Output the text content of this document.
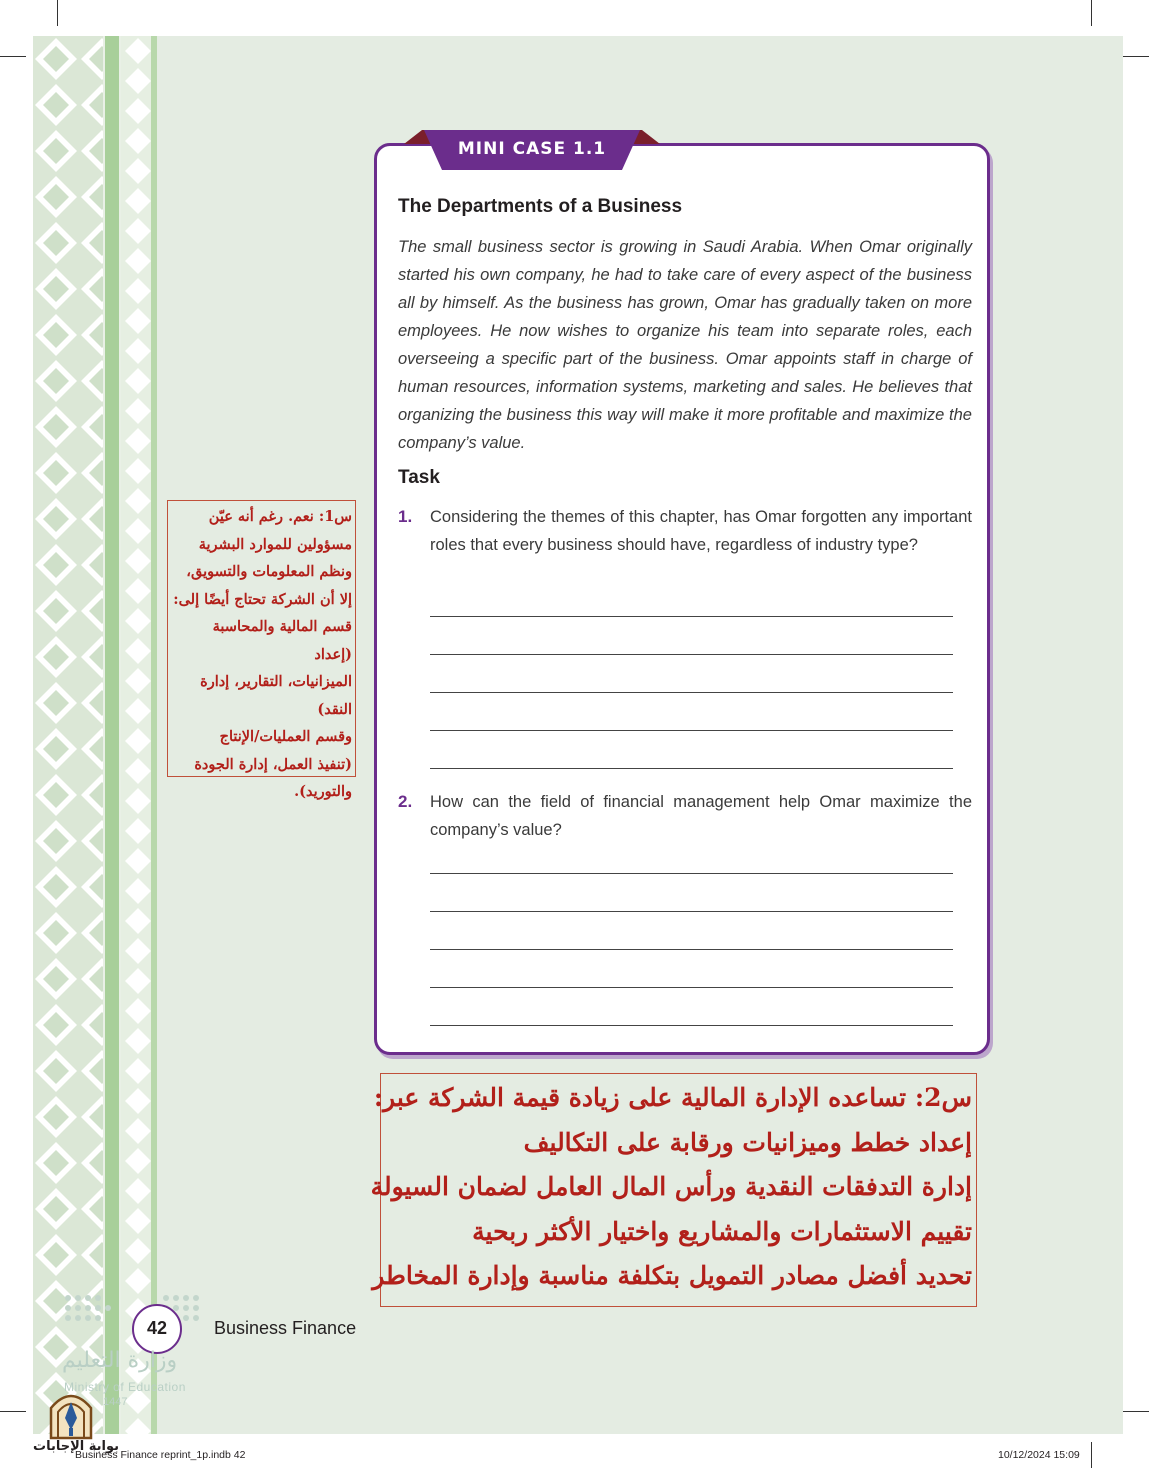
MINI CASE 1.1
The Departments of a Business
The small business sector is growing in Saudi Arabia. When Omar originally started his own company, he had to take care of every aspect of the business all by himself. As the business has grown, Omar has gradually taken on more employees. He now wishes to organize his team into separate roles, each overseeing a specific part of the business. Omar appoints staff in charge of human resources, information systems, marketing and sales. He believes that organizing the business this way will make it more profitable and maximize the company’s value.
Task
1. Considering the themes of this chapter, has Omar forgotten any important roles that every business should have, regardless of industry type?
2. How can the field of financial management help Omar maximize the company’s value?
س1: نعم. رغم أنه عيّن
مسؤولين للموارد البشرية
ونظم المعلومات والتسويق،
إلا أن الشركة تحتاج أيضًا إلى:
قسم المالية والمحاسبة (إعداد
الميزانيات، التقارير، إدارة
النقد)
وقسم العمليات/الإنتاج
(تنفيذ العمل، إدارة الجودة
والتوريد).
س2: تساعده الإدارة المالية على زيادة قيمة الشركة عبر:
إعداد خطط وميزانيات ورقابة على التكاليف
إدارة التدفقات النقدية ورأس المال العامل لضمان السيولة
تقييم الاستثمارات والمشاريع واختيار الأكثر ربحية
تحديد أفضل مصادر التمويل بتكلفة مناسبة وإدارة المخاطر
42	Business Finance
وزارة التعليم
Ministry of Education
1447
بوابة الإجابات
Business Finance reprint_1p.indb 42	10/12/2024 15:09
